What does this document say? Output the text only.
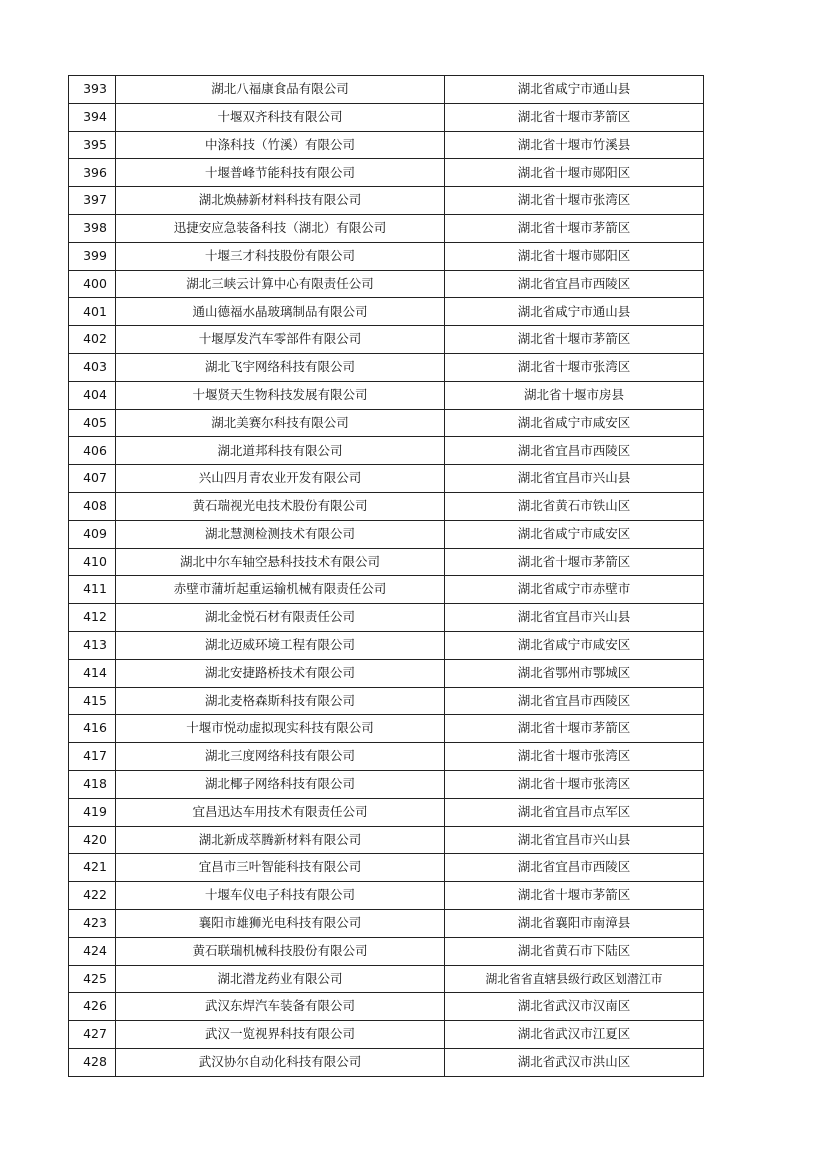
393	湖北八福康食品有限公司	湖北省咸宁市通山县
394	十堰双齐科技有限公司	湖北省十堰市茅箭区
395	中涤科技（竹溪）有限公司	湖北省十堰市竹溪县
396	十堰普峰节能科技有限公司	湖北省十堰市郧阳区
397	湖北焕赫新材料科技有限公司	湖北省十堰市张湾区
398	迅捷安应急装备科技（湖北）有限公司	湖北省十堰市茅箭区
399	十堰三才科技股份有限公司	湖北省十堰市郧阳区
400	湖北三峡云计算中心有限责任公司	湖北省宜昌市西陵区
401	通山德福水晶玻璃制品有限公司	湖北省咸宁市通山县
402	十堰厚发汽车零部件有限公司	湖北省十堰市茅箭区
403	湖北飞宇网络科技有限公司	湖北省十堰市张湾区
404	十堰贤天生物科技发展有限公司	湖北省十堰市房县
405	湖北美赛尔科技有限公司	湖北省咸宁市咸安区
406	湖北道邦科技有限公司	湖北省宜昌市西陵区
407	兴山四月青农业开发有限公司	湖北省宜昌市兴山县
408	黄石瑞视光电技术股份有限公司	湖北省黄石市铁山区
409	湖北慧测检测技术有限公司	湖北省咸宁市咸安区
410	湖北中尔车轴空悬科技技术有限公司	湖北省十堰市茅箭区
411	赤壁市蒲圻起重运输机械有限责任公司	湖北省咸宁市赤壁市
412	湖北金悦石材有限责任公司	湖北省宜昌市兴山县
413	湖北迈威环境工程有限公司	湖北省咸宁市咸安区
414	湖北安捷路桥技术有限公司	湖北省鄂州市鄂城区
415	湖北麦格森斯科技有限公司	湖北省宜昌市西陵区
416	十堰市悦动虚拟现实科技有限公司	湖北省十堰市茅箭区
417	湖北三度网络科技有限公司	湖北省十堰市张湾区
418	湖北椰子网络科技有限公司	湖北省十堰市张湾区
419	宜昌迅达车用技术有限责任公司	湖北省宜昌市点军区
420	湖北新成萃腾新材料有限公司	湖北省宜昌市兴山县
421	宜昌市三叶智能科技有限公司	湖北省宜昌市西陵区
422	十堰车仪电子科技有限公司	湖北省十堰市茅箭区
423	襄阳市雄狮光电科技有限公司	湖北省襄阳市南漳县
424	黄石联瑞机械科技股份有限公司	湖北省黄石市下陆区
425	湖北潜龙药业有限公司	湖北省省直辖县级行政区划潜江市
426	武汉东焊汽车装备有限公司	湖北省武汉市汉南区
427	武汉一览视界科技有限公司	湖北省武汉市江夏区
428	武汉协尔自动化科技有限公司	湖北省武汉市洪山区
